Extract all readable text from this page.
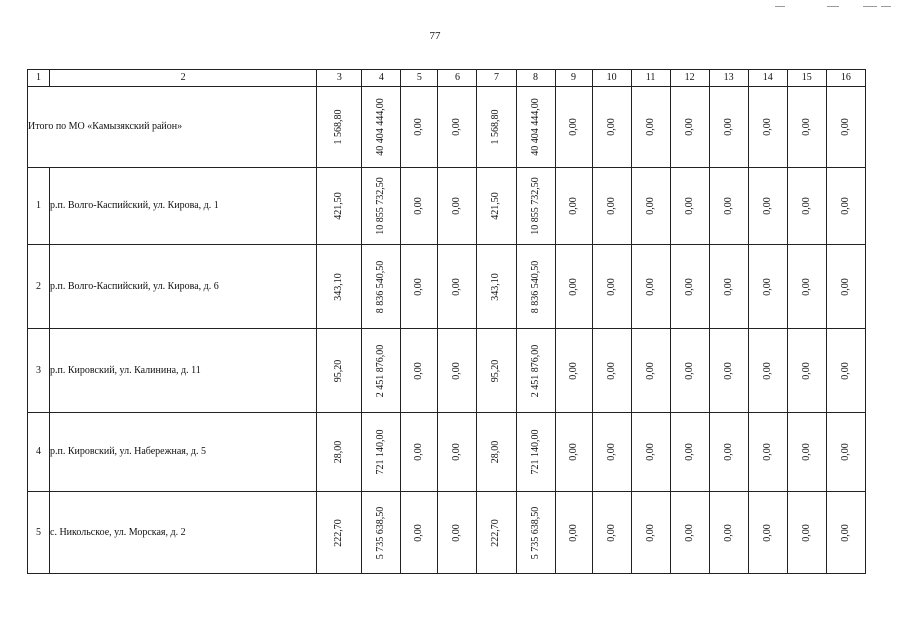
77
1	2	3	4	5	6	7	8	9	10	11	12	13	14	15	16
Итого по МО «Камызякский район»		1 568,80	40 404 444,00	0,00	0,00	1 568,80	40 404 444,00	0,00	0,00	0,00	0,00	0,00	0,00	0,00	0,00

1	р.п. Волго-Каспийский, ул. Кирова, д. 1	421,50	10 855 732,50	0,00	0,00	421,50	10 855 732,50	0,00	0,00	0,00	0,00	0,00	0,00	0,00	0,00

2	р.п. Волго-Каспийский, ул. Кирова, д. 6	343,10	8 836 540,50	0,00	0,00	343,10	8 836 540,50	0,00	0,00	0,00	0,00	0,00	0,00	0,00	0,00

3	р.п. Кировский, ул. Калинина, д. 11	95,20	2 451 876,00	0,00	0,00	95,20	2 451 876,00	0,00	0,00	0,00	0,00	0,00	0,00	0,00	0,00

4	р.п. Кировский, ул. Набережная, д. 5	28,00	721 140,00	0,00	0,00	28,00	721 140,00	0,00	0,00	0,00	0,00	0,00	0,00	0,00	0,00

5	с. Никольское, ул. Морская, д. 2	222,70	5 735 638,50	0,00	0,00	222,70	5 735 638,50	0,00	0,00	0,00	0,00	0,00	0,00	0,00	0,00
